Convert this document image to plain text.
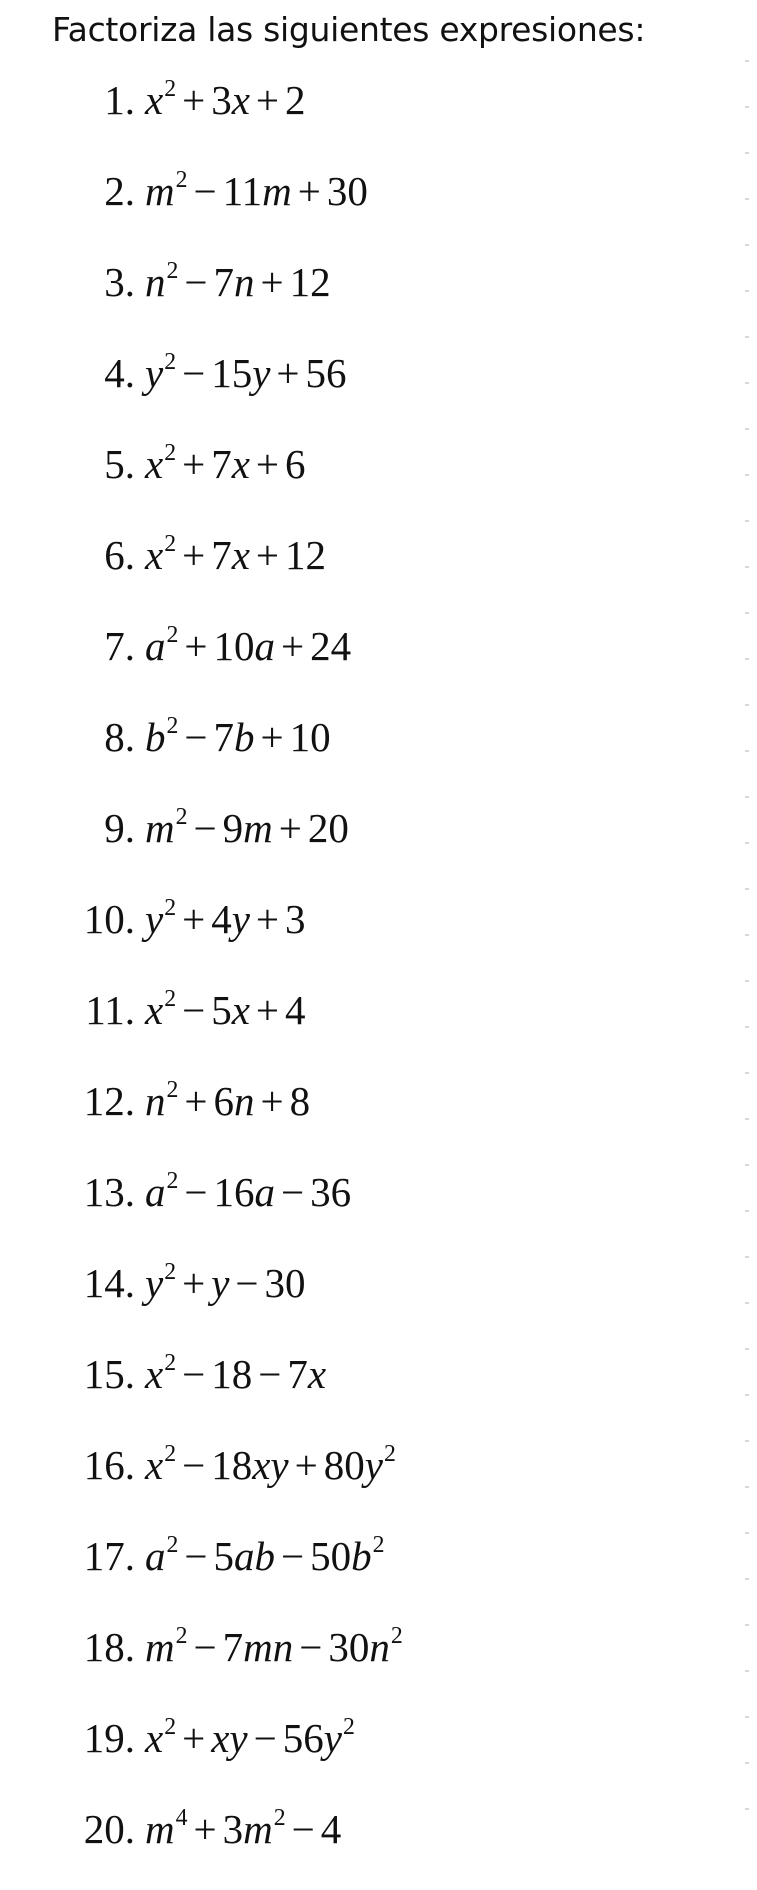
Factoriza las siguientes expresiones:
1. $x^2 + 3x + 2$
2. $m^2 - 11m + 30$
3. $n^2 - 7n + 12$
4. $y^2 - 15y + 56$
5. $x^2 + 7x + 6$
6. $x^2 + 7x + 12$
7. $a^2 + 10a + 24$
8. $b^2 - 7b + 10$
9. $m^2 - 9m + 20$
10. $y^2 + 4y + 3$
11. $x^2 - 5x + 4$
12. $n^2 + 6n + 8$
13. $a^2 - 16a - 36$
14. $y^2 + y - 30$
15. $x^2 - 18 - 7x$
16. $x^2 - 18xy + 80y^2$
17. $a^2 - 5ab - 50b^2$
18. $m^2 - 7mn - 30n^2$
19. $x^2$ + xy − $56y^2$
20. $m^4 + 3m^2 - 4$
